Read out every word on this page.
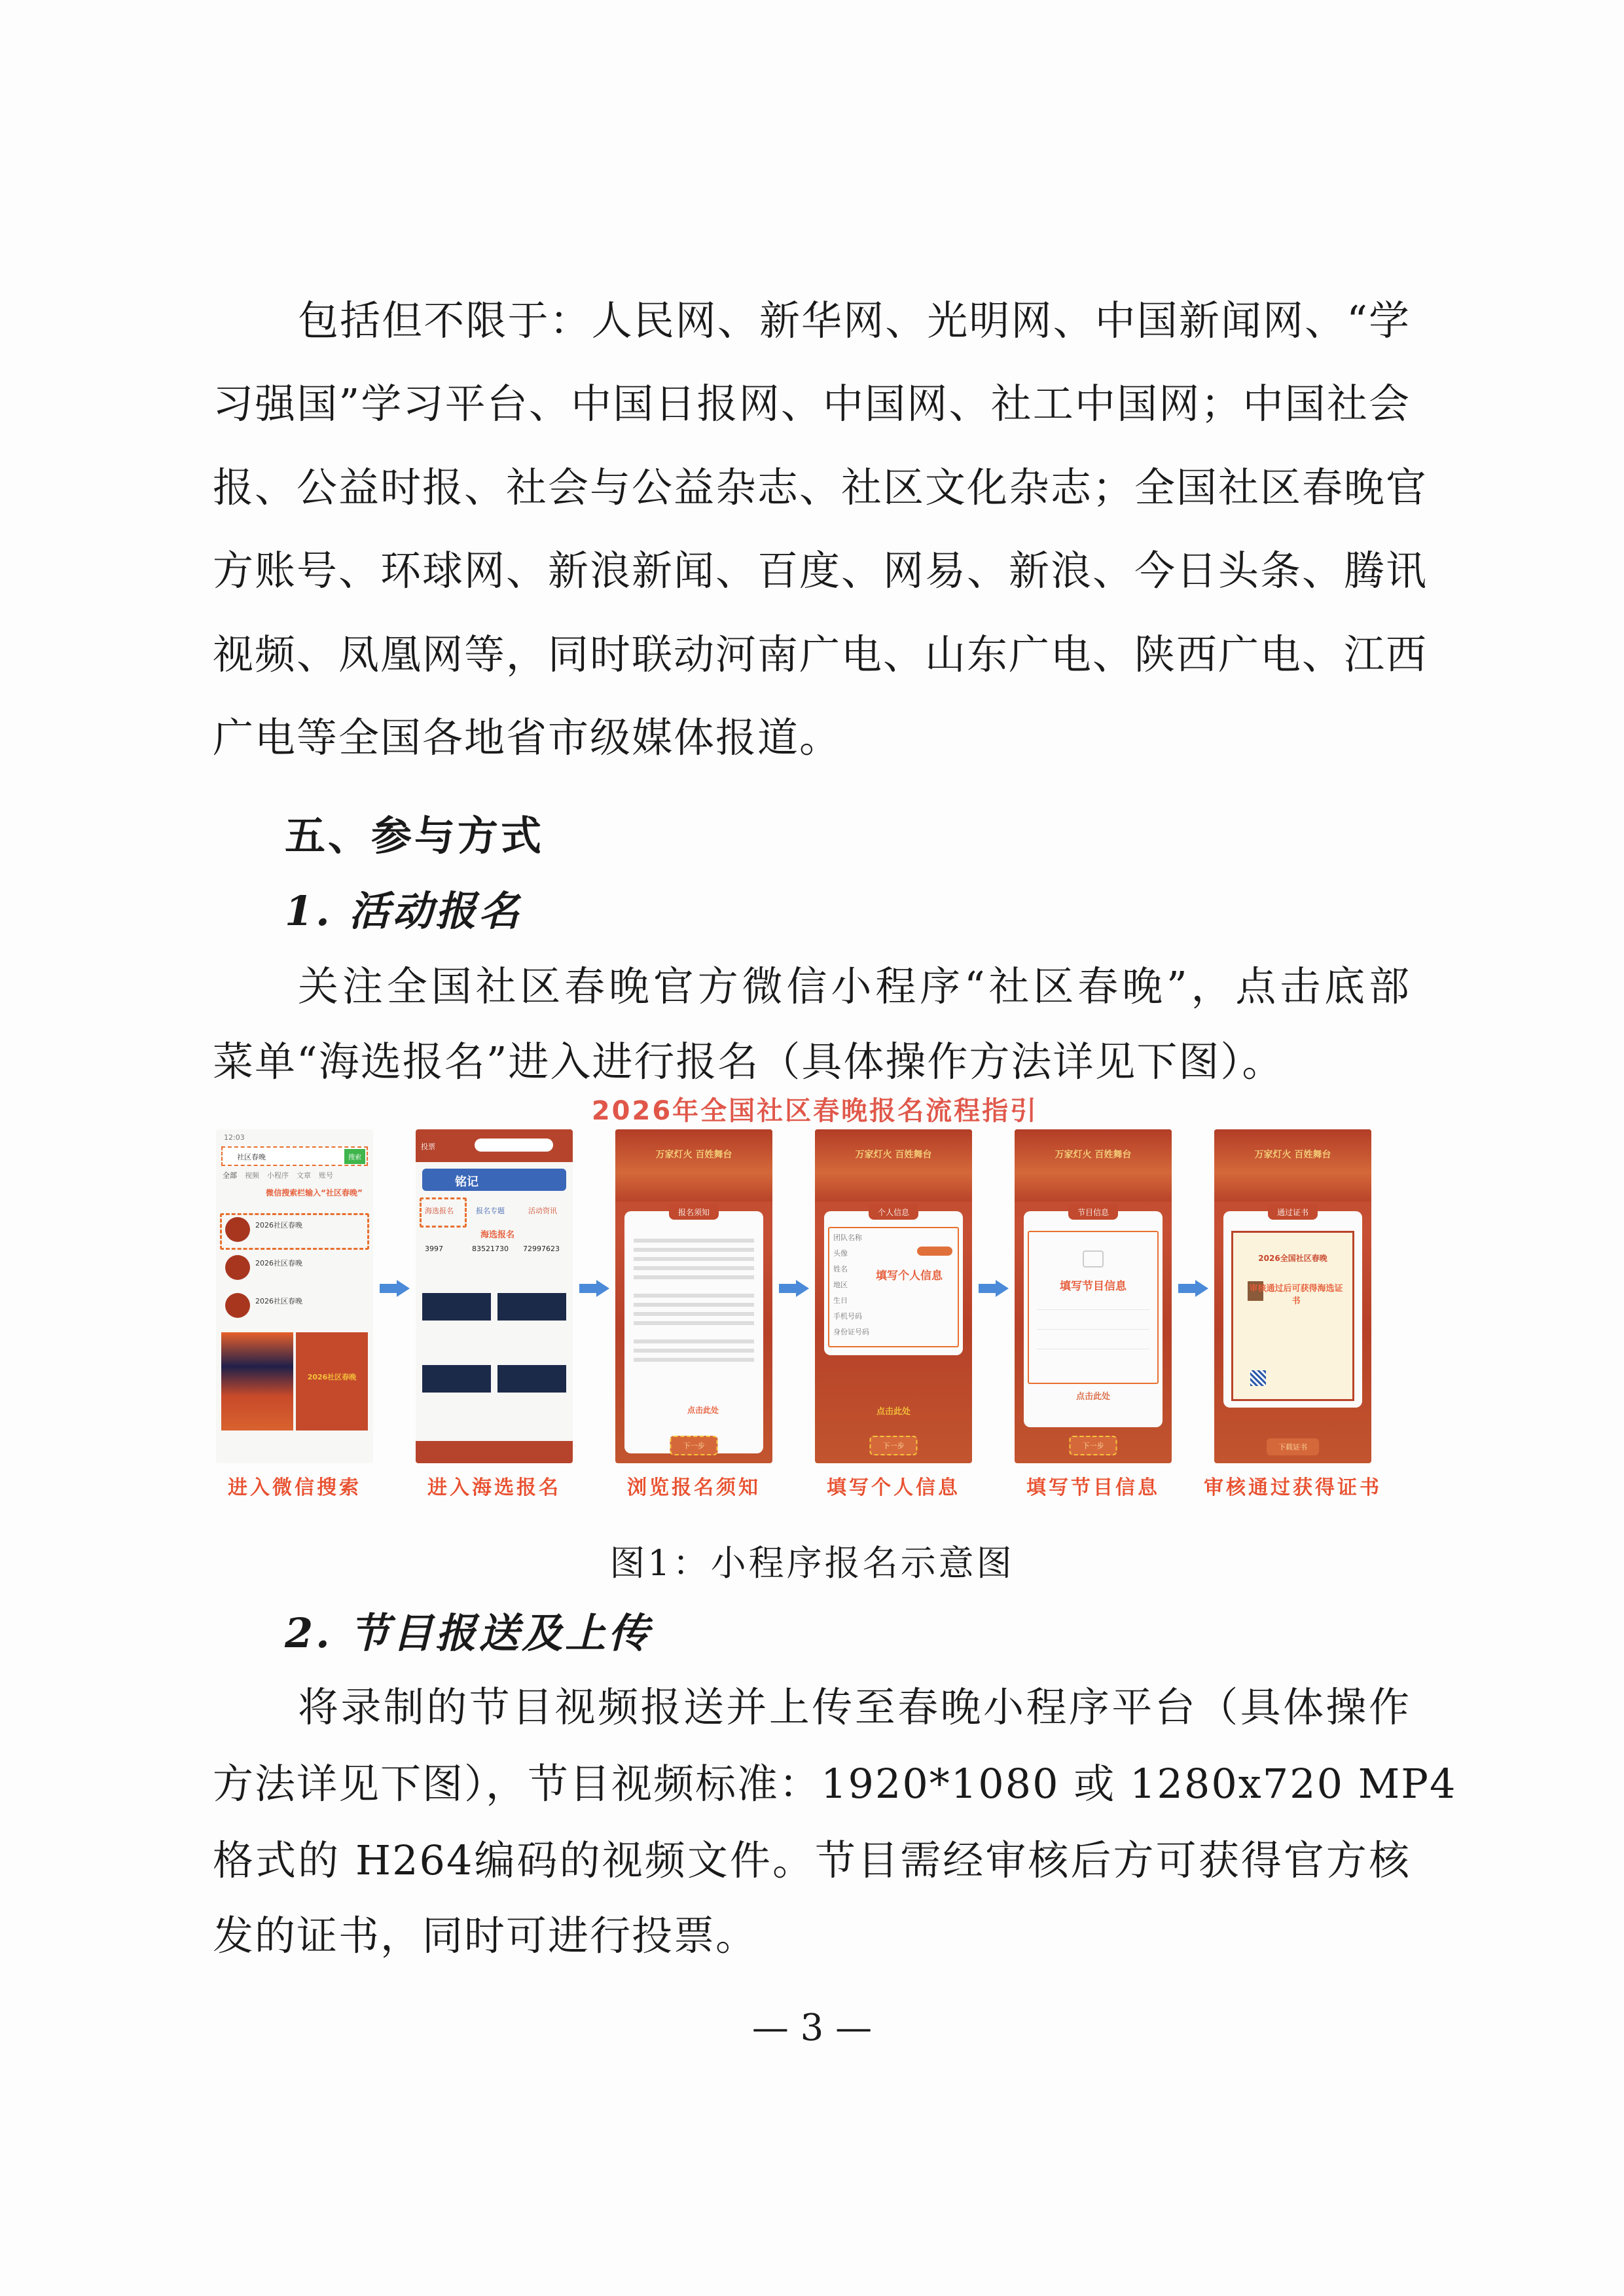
包括但不限于：人民网、新华网、光明网、中国新闻网、“学
习强国”学习平台、中国日报网、中国网、社工中国网；中国社会
报、公益时报、社会与公益杂志、社区文化杂志；全国社区春晚官
方账号、环球网、新浪新闻、百度、网易、新浪、今日头条、腾讯
视频、凤凰网等，同时联动河南广电、山东广电、陕西广电、江西
广电等全国各地省市级媒体报道。
五、参与方式
1. 活动报名
关注全国社区春晚官方微信小程序“社区春晚”，点击底部
菜单“海选报名”进入进行报名（具体操作方法详见下图）。
2026年全国社区春晚报名流程指引
12:03
社区春晚	搜索
全部 视频 小程序 文章 账号
微信搜索栏输入“社区春晚”
2026社区春晚
2026社区春晚
2026社区春晚
2026社区春晚
进入微信搜索
投票
铭记
海选报名	报名专题	活动资讯
海选报名
3997	83521730 72997623
进入海选报名
万家灯火 百姓舞台
报名须知
点击此处
下一步
浏览报名须知
万家灯火 百姓舞台
个人信息
团队名称
头像
姓名
地区
生日
手机号码
身份证号码
填写个人信息
点击此处
下一步
填写个人信息
万家灯火 百姓舞台
节目信息
填写节目信息
点击此处
下一步
填写节目信息
万家灯火 百姓舞台
通过证书
2026全国社区春晚
审核通过后可获得海选证书
下载证书
审核通过获得证书
图1：小程序报名示意图
2. 节目报送及上传
将录制的节目视频报送并上传至春晚小程序平台（具体操作
方法详见下图），节目视频标准：1920*1080 或 1280x720 MP4
格式的 H264编码的视频文件。节目需经审核后方可获得官方核
发的证书，同时可进行投票。
— 3 —
